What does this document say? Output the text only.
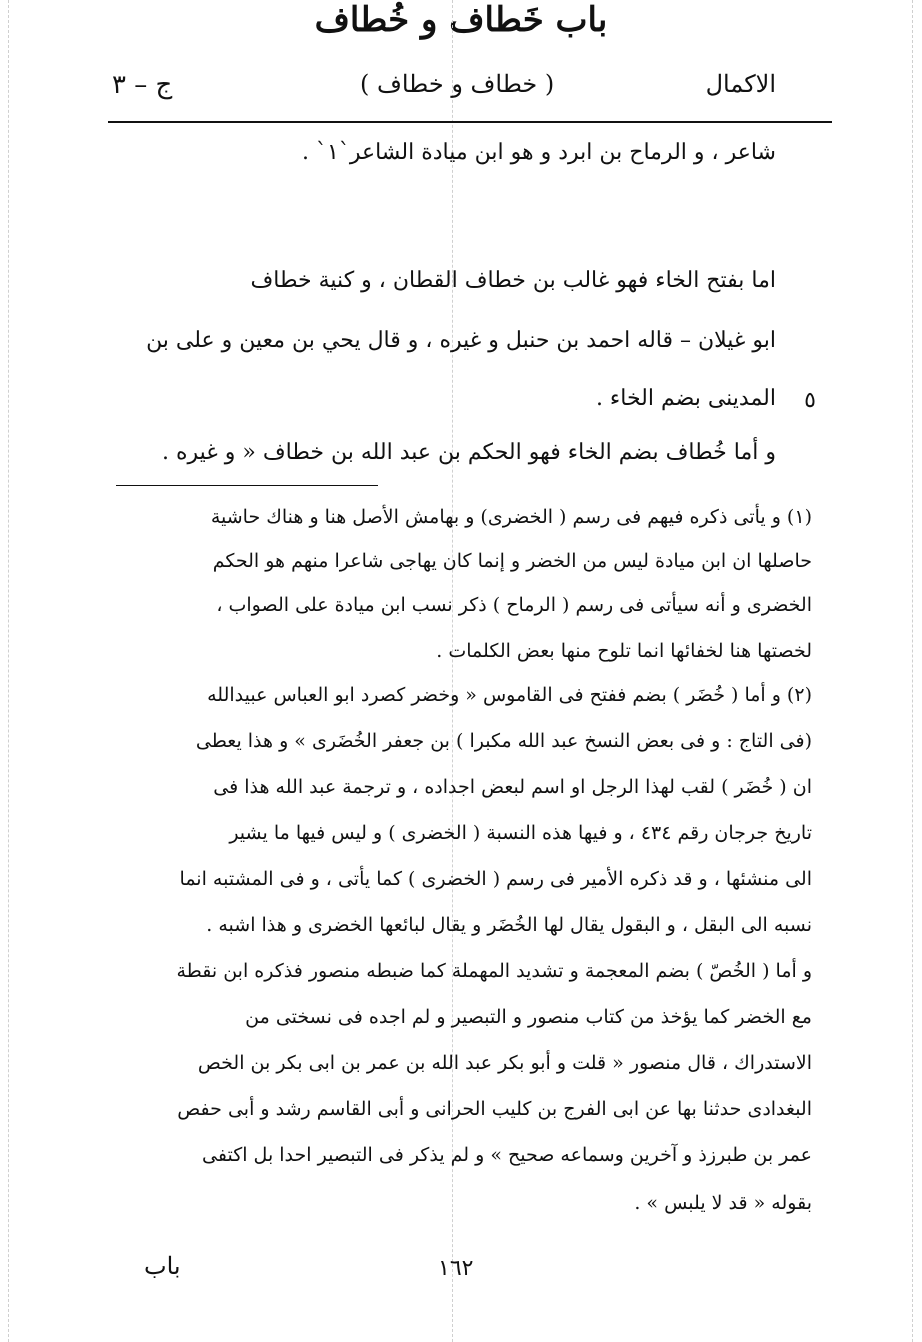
ج – ٣	( خطاف و خطاف )	الاكمال
شاعر ، و الرماح بن ابرد و هو ابن ميادة الشاعر`١` .
باب خَطاف و خُطاف
اما بفتح الخاء فهو غالب بن خطاف القطان ، و كنية خطاف
ابو غيلان – قاله احمد بن حنبل و غيره ، و قال يحي بن معين و على بن
المدينى بضم الخاء . ٥
و أما خُطاف بضم الخاء فهو الحكم بن عبد الله بن خطاف « و غيره .
(١) و يأتى ذكره فيهم فى رسم ( الخضرى) و بهامش الأصل هنا و هناك حاشية
حاصلها ان ابن ميادة ليس من الخضر و إنما كان يهاجى شاعرا منهم هو الحكم
الخضرى و أنه سيأتى فى رسم ( الرماح ) ذكر نسب ابن ميادة على الصواب ،
لخصتها هنا لخفائها انما تلوح منها بعض الكلمات .
(٢) و أما ( خُضَر ) بضم ففتح فى القاموس « وخضر كصرد ابو العباس عبيدالله
(فى التاج : و فى بعض النسخ عبد الله مكبرا ) بن جعفر الخُضَرى » و هذا يعطى
ان ( خُضَر ) لقب لهذا الرجل او اسم لبعض اجداده ، و ترجمة عبد الله هذا فى
تاريخ جرجان رقم ٤٣٤ ، و فيها هذه النسبة ( الخضرى ) و ليس فيها ما يشير
الى منشئها ، و قد ذكره الأمير فى رسم ( الخضرى ) كما يأتى ، و فى المشتبه انما
نسبه الى البقل ، و البقول يقال لها الخُضَر و يقال لبائعها الخضرى و هذا اشبه .
و أما ( الخُصّ ) بضم المعجمة و تشديد المهملة كما ضبطه منصور فذكره ابن نقطة
مع الخضر كما يؤخذ من كتاب منصور و التبصير و لم اجده فى نسختى من
الاستدراك ، قال منصور « قلت و أبو بكر عبد الله بن عمر بن ابى بكر بن الخص
البغدادى حدثنا بها عن ابى الفرج بن كليب الحرانى و أبى القاسم رشد و أبى حفص
عمر بن طبرزذ و آخرين وسماعه صحيح » و لم يذكر فى التبصير احدا بل اكتفى
بقوله « قد لا يلبس » .
باب	١٦٢
